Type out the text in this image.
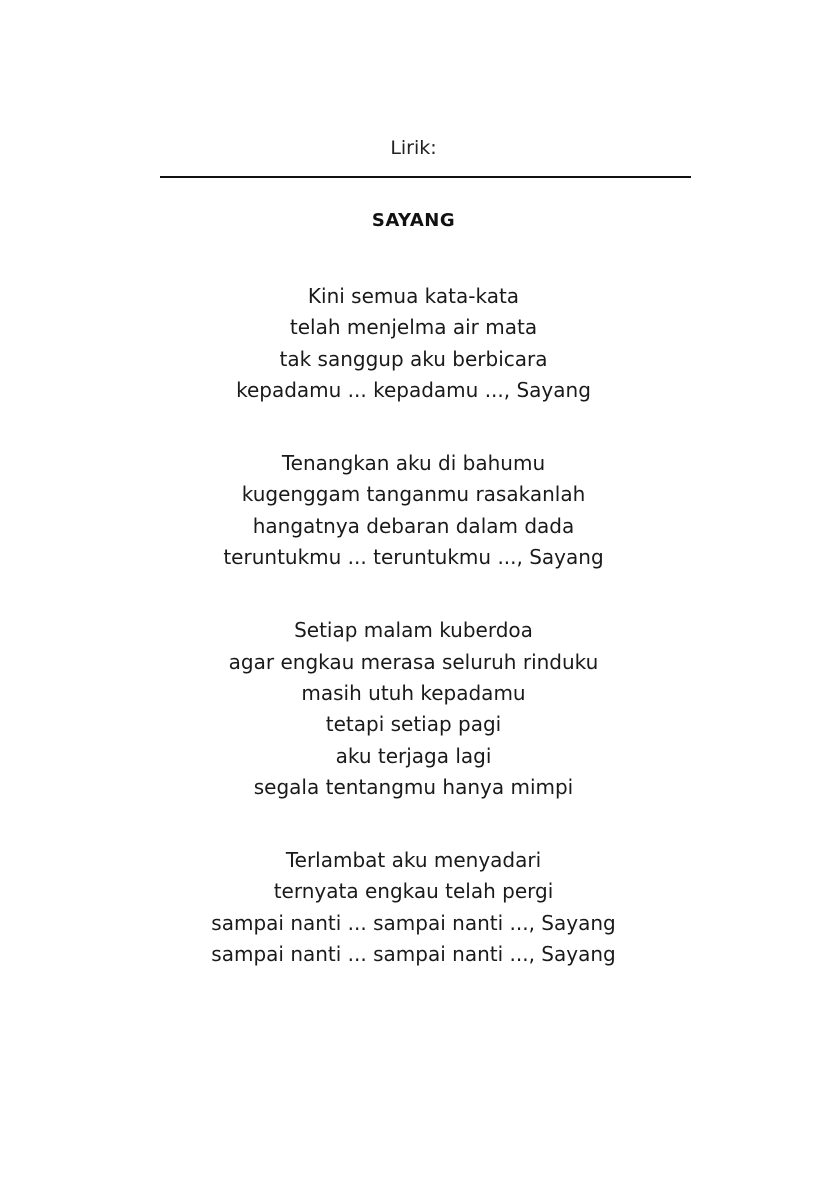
Lirik:
SAYANG
Kini semua kata-kata
telah menjelma air mata
tak sanggup aku berbicara
kepadamu ... kepadamu ..., Sayang
Tenangkan aku di bahumu
kugenggam tanganmu rasakanlah
hangatnya debaran dalam dada
teruntukmu ... teruntukmu ..., Sayang
Setiap malam kuberdoa
agar engkau merasa seluruh rinduku
masih utuh kepadamu
tetapi setiap pagi
aku terjaga lagi
segala tentangmu hanya mimpi
Terlambat aku menyadari
ternyata engkau telah pergi
sampai nanti ... sampai nanti ..., Sayang
sampai nanti ... sampai nanti ..., Sayang
